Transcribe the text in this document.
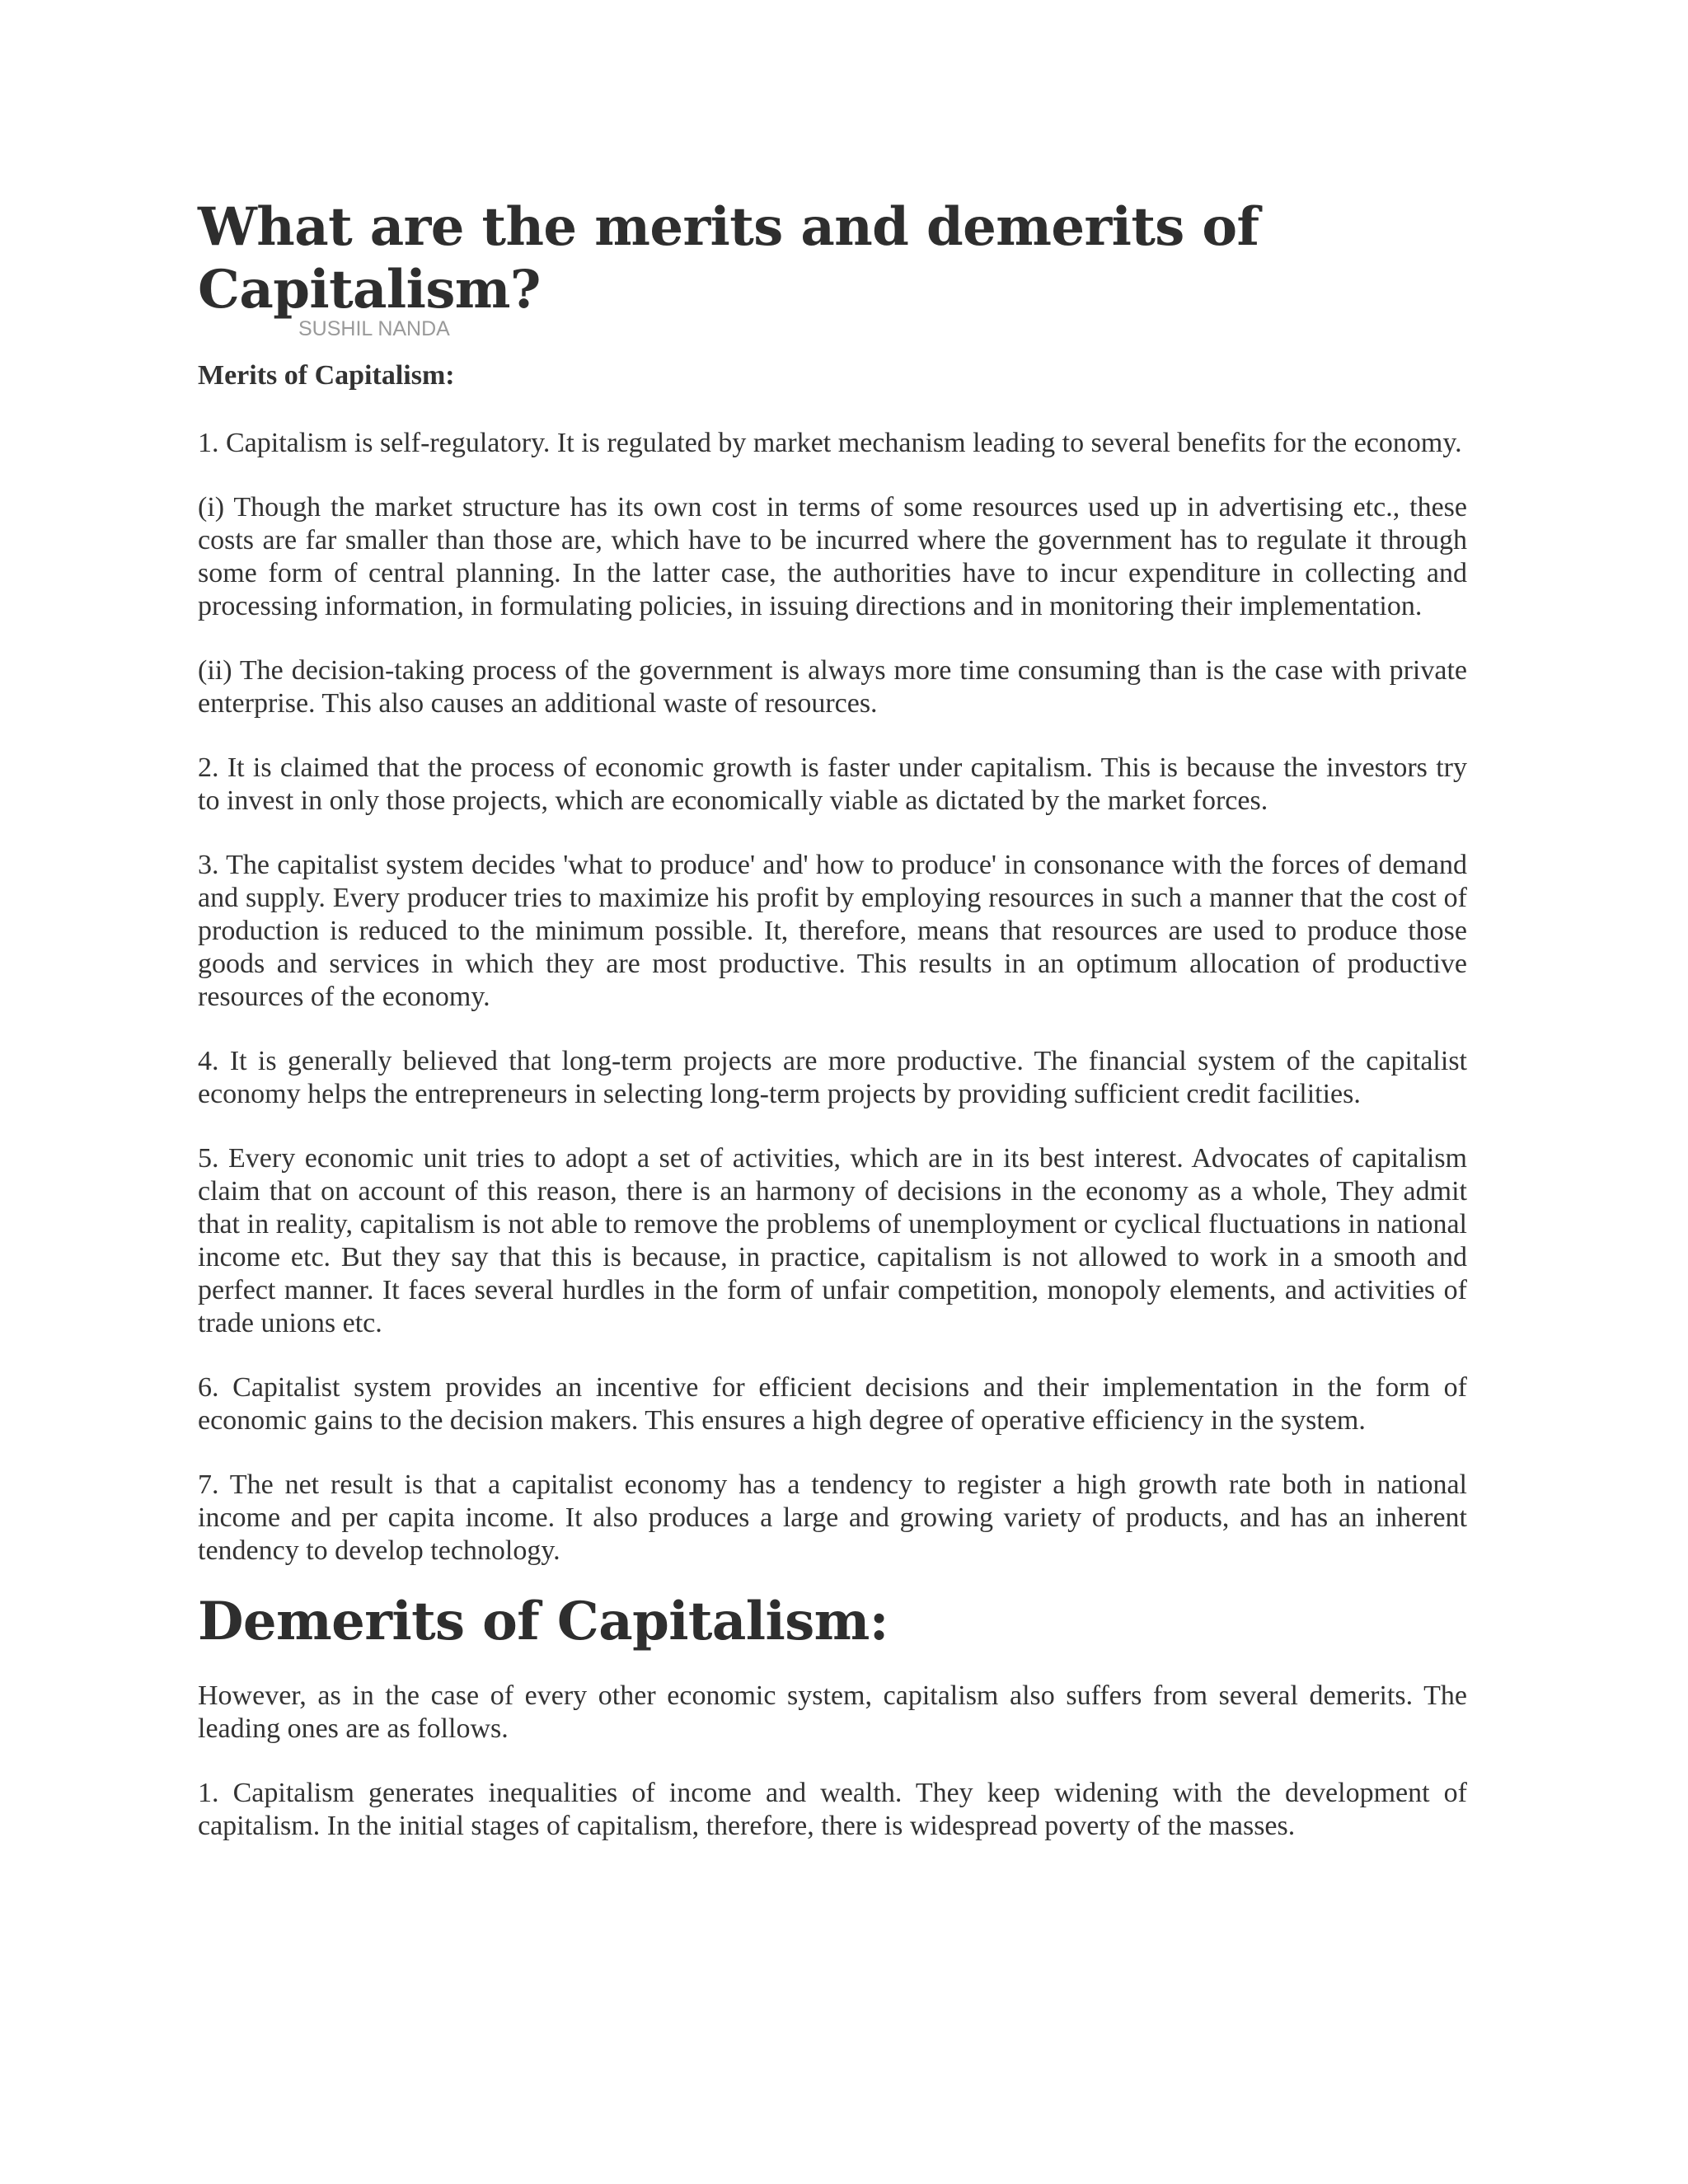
What are the merits and demerits of Capitalism?
SUSHIL NANDA
Merits of Capitalism:

1. Capitalism is self-regulatory. It is regulated by market mechanism leading to several benefits for the economy.

(i) Though the market structure has its own cost in terms of some resources used up in advertising etc., these costs are far smaller than those are, which have to be incurred where the government has to regulate it through some form of central planning. In the latter case, the authorities have to incur expenditure in collecting and processing information, in formulating policies, in issuing directions and in monitoring their implementation.

(ii) The decision-taking process of the government is always more time consuming than is the case with private enterprise. This also causes an additional waste of resources.

2. It is claimed that the process of economic growth is faster under capitalism. This is because the investors try to invest in only those projects, which are economically viable as dictated by the market forces.

3. The capitalist system decides 'what to produce' and' how to produce' in consonance with the forces of demand and supply. Every producer tries to maximize his profit by employing resources in such a manner that the cost of production is reduced to the minimum possible. It, therefore, means that resources are used to produce those goods and services in which they are most productive. This results in an optimum allocation of productive resources of the economy.

4. It is generally believed that long-term projects are more productive. The financial system of the capitalist economy helps the entrepreneurs in selecting long-term projects by providing sufficient credit facilities.

5. Every economic unit tries to adopt a set of activities, which are in its best interest. Advocates of capitalism claim that on account of this reason, there is an harmony of decisions in the economy as a whole, They admit that in reality, capitalism is not able to remove the problems of unemployment or cyclical fluctuations in national income etc. But they say that this is because, in practice, capitalism is not allowed to work in a smooth and perfect manner. It faces several hurdles in the form of unfair competition, monopoly elements, and activities of trade unions etc.

6. Capitalist system provides an incentive for efficient decisions and their implementation in the form of economic gains to the decision makers. This ensures a high degree of operative efficiency in the system.

7. The net result is that a capitalist economy has a tendency to register a high growth rate both in national income and per capita income. It also produces a large and growing variety of products, and has an inherent tendency to develop technology.

Demerits of Capitalism:

However, as in the case of every other economic system, capitalism also suffers from several demerits. The leading ones are as follows.

1. Capitalism generates inequalities of income and wealth. They keep widening with the development of capitalism. In the initial stages of capitalism, therefore, there is widespread poverty of the masses.
